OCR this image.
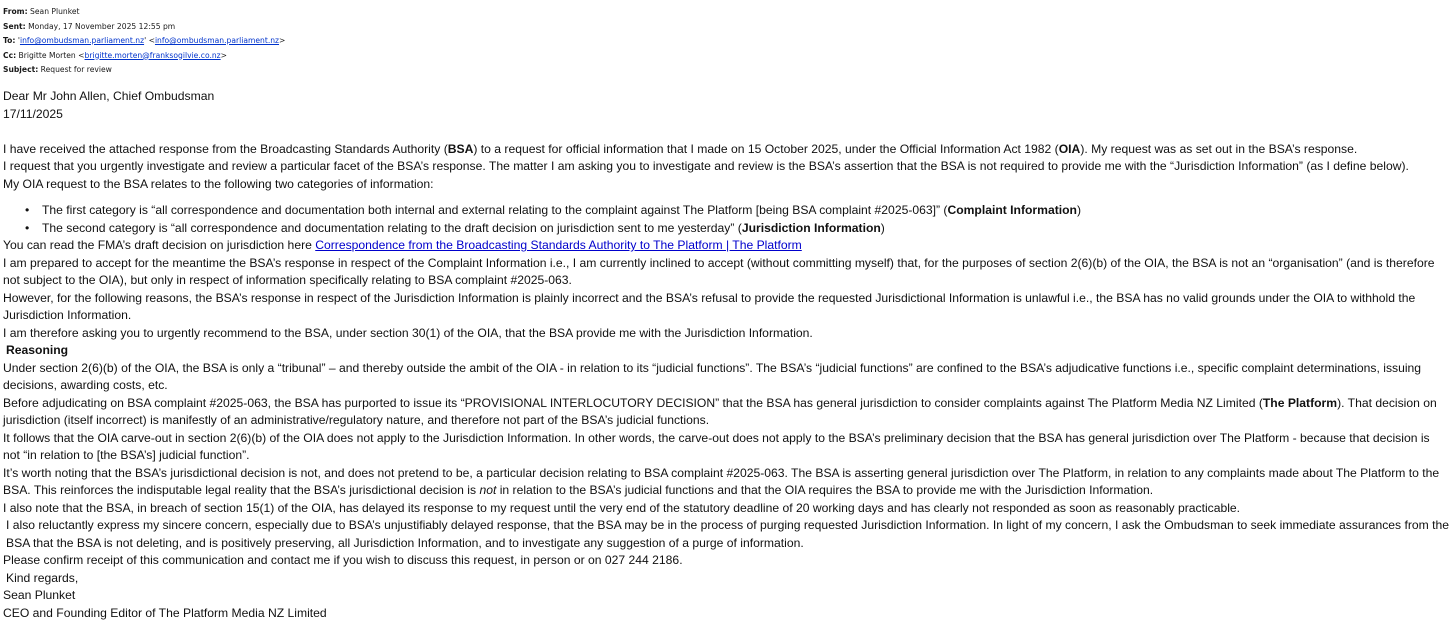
From: Sean Plunket
Sent: Monday, 17 November 2025 12:55 pm
To: 'info@ombudsman.parliament.nz' <info@ombudsman.parliament.nz>
Cc: Brigitte Morten <brigitte.morten@franksogilvie.co.nz>
Subject: Request for review

Dear Mr John Allen, Chief Ombudsman

17/11/2025

I have received the attached response from the Broadcasting Standards Authority (BSA) to a request for official information that I made on 15 October 2025, under the Official Information Act 1982 (OIA). My request was as set out in the BSA’s response.

I request that you urgently investigate and review a particular facet of the BSA’s response. The matter I am asking you to investigate and review is the BSA’s assertion that the BSA is not required to provide me with the “Jurisdiction Information” (as I define below).

My OIA request to the BSA relates to the following two categories of information:

• The first category is “all correspondence and documentation both internal and external relating to the complaint against The Platform [being BSA complaint #2025-063]” (Complaint Information)
• The second category is “all correspondence and documentation relating to the draft decision on jurisdiction sent to me yesterday” (Jurisdiction Information)

You can read the FMA’s draft decision on jurisdiction here Correspondence from the Broadcasting Standards Authority to The Platform | The Platform

I am prepared to accept for the meantime the BSA’s response in respect of the Complaint Information i.e., I am currently inclined to accept (without committing myself) that, for the purposes of section 2(6)(b) of the OIA, the BSA is not an “organisation” (and is therefore not subject to the OIA), but only in respect of information specifically relating to BSA complaint #2025-063.

However, for the following reasons, the BSA’s response in respect of the Jurisdiction Information is plainly incorrect and the BSA’s refusal to provide the requested Jurisdictional Information is unlawful i.e., the BSA has no valid grounds under the OIA to withhold the Jurisdiction Information.

I am therefore asking you to urgently recommend to the BSA, under section 30(1) of the OIA, that the BSA provide me with the Jurisdiction Information.

Reasoning

Under section 2(6)(b) of the OIA, the BSA is only a “tribunal” – and thereby outside the ambit of the OIA - in relation to its “judicial functions”. The BSA’s “judicial functions” are confined to the BSA’s adjudicative functions i.e., specific complaint determinations, issuing decisions, awarding costs, etc.

Before adjudicating on BSA complaint #2025-063, the BSA has purported to issue its “PROVISIONAL INTERLOCUTORY DECISION” that the BSA has general jurisdiction to consider complaints against The Platform Media NZ Limited (The Platform). That decision on jurisdiction (itself incorrect) is manifestly of an administrative/regulatory nature, and therefore not part of the BSA’s judicial functions.

It follows that the OIA carve-out in section 2(6)(b) of the OIA does not apply to the Jurisdiction Information. In other words, the carve-out does not apply to the BSA’s preliminary decision that the BSA has general jurisdiction over The Platform - because that decision is not “in relation to [the BSA’s] judicial function”.

It’s worth noting that the BSA’s jurisdictional decision is not, and does not pretend to be, a particular decision relating to BSA complaint #2025-063. The BSA is asserting general jurisdiction over The Platform, in relation to any complaints made about The Platform to the BSA. This reinforces the indisputable legal reality that the BSA’s jurisdictional decision is not in relation to the BSA’s judicial functions and that the OIA requires the BSA to provide me with the Jurisdiction Information.

I also note that the BSA, in breach of section 15(1) of the OIA, has delayed its response to my request until the very end of the statutory deadline of 20 working days and has clearly not responded as soon as reasonably practicable.

I also reluctantly express my sincere concern, especially due to BSA’s unjustifiably delayed response, that the BSA may be in the process of purging requested Jurisdiction Information. In light of my concern, I ask the Ombudsman to seek immediate assurances from the BSA that the BSA is not deleting, and is positively preserving, all Jurisdiction Information, and to investigate any suggestion of a purge of information.

Please confirm receipt of this communication and contact me if you wish to discuss this request, in person or on 027 244 2186.

Kind regards,

Sean Plunket

CEO and Founding Editor of The Platform Media NZ Limited
